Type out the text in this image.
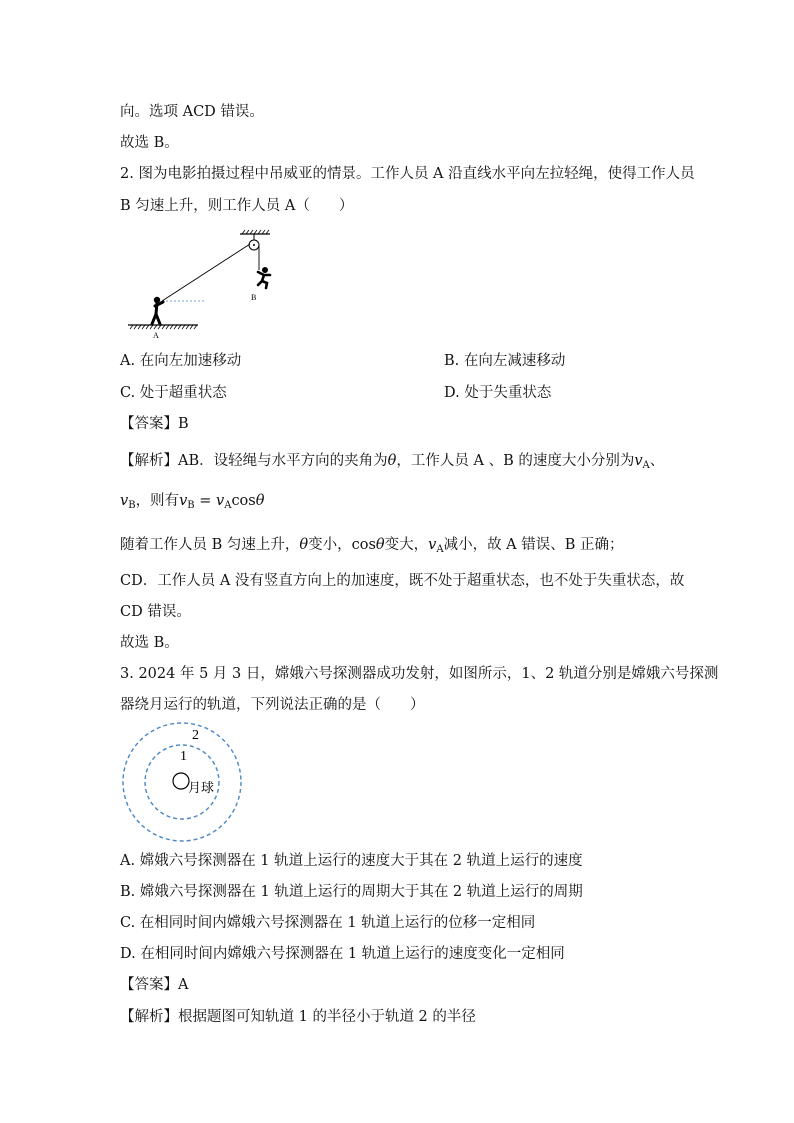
向。选项 ACD 错误。
故选 B。
2. 图为电影拍摄过程中吊威亚的情景。工作人员 A 沿直线水平向左拉轻绳，使得工作人员
B 匀速上升，则工作人员 A（　　）
B
A
A. 在向左加速移动	B. 在向左减速移动
C. 处于超重状态	D. 处于失重状态
【答案】B
【解析】AB．设轻绳与水平方向的夹角为θ，工作人员 A 、B 的速度大小分别为$v_A$、
$v_B$，则有$v_B = v_A\cos\theta$
随着工作人员 B 匀速上升，θ变小，cosθ变大，$v_A$减小，故 A 错误、B 正确；
CD．工作人员 A 没有竖直方向上的加速度，既不处于超重状态，也不处于失重状态，故
CD 错误。
故选 B。
3. 2024 年 5 月 3 日，嫦娥六号探测器成功发射，如图所示，1、2 轨道分别是嫦娥六号探测
器绕月运行的轨道，下列说法正确的是（　　）
2
1
月球
A. 嫦娥六号探测器在 1 轨道上运行的速度大于其在 2 轨道上运行的速度
B. 嫦娥六号探测器在 1 轨道上运行的周期大于其在 2 轨道上运行的周期
C. 在相同时间内嫦娥六号探测器在 1 轨道上运行的位移一定相同
D. 在相同时间内嫦娥六号探测器在 1 轨道上运行的速度变化一定相同
【答案】A
【解析】根据题图可知轨道 1 的半径小于轨道 2 的半径
